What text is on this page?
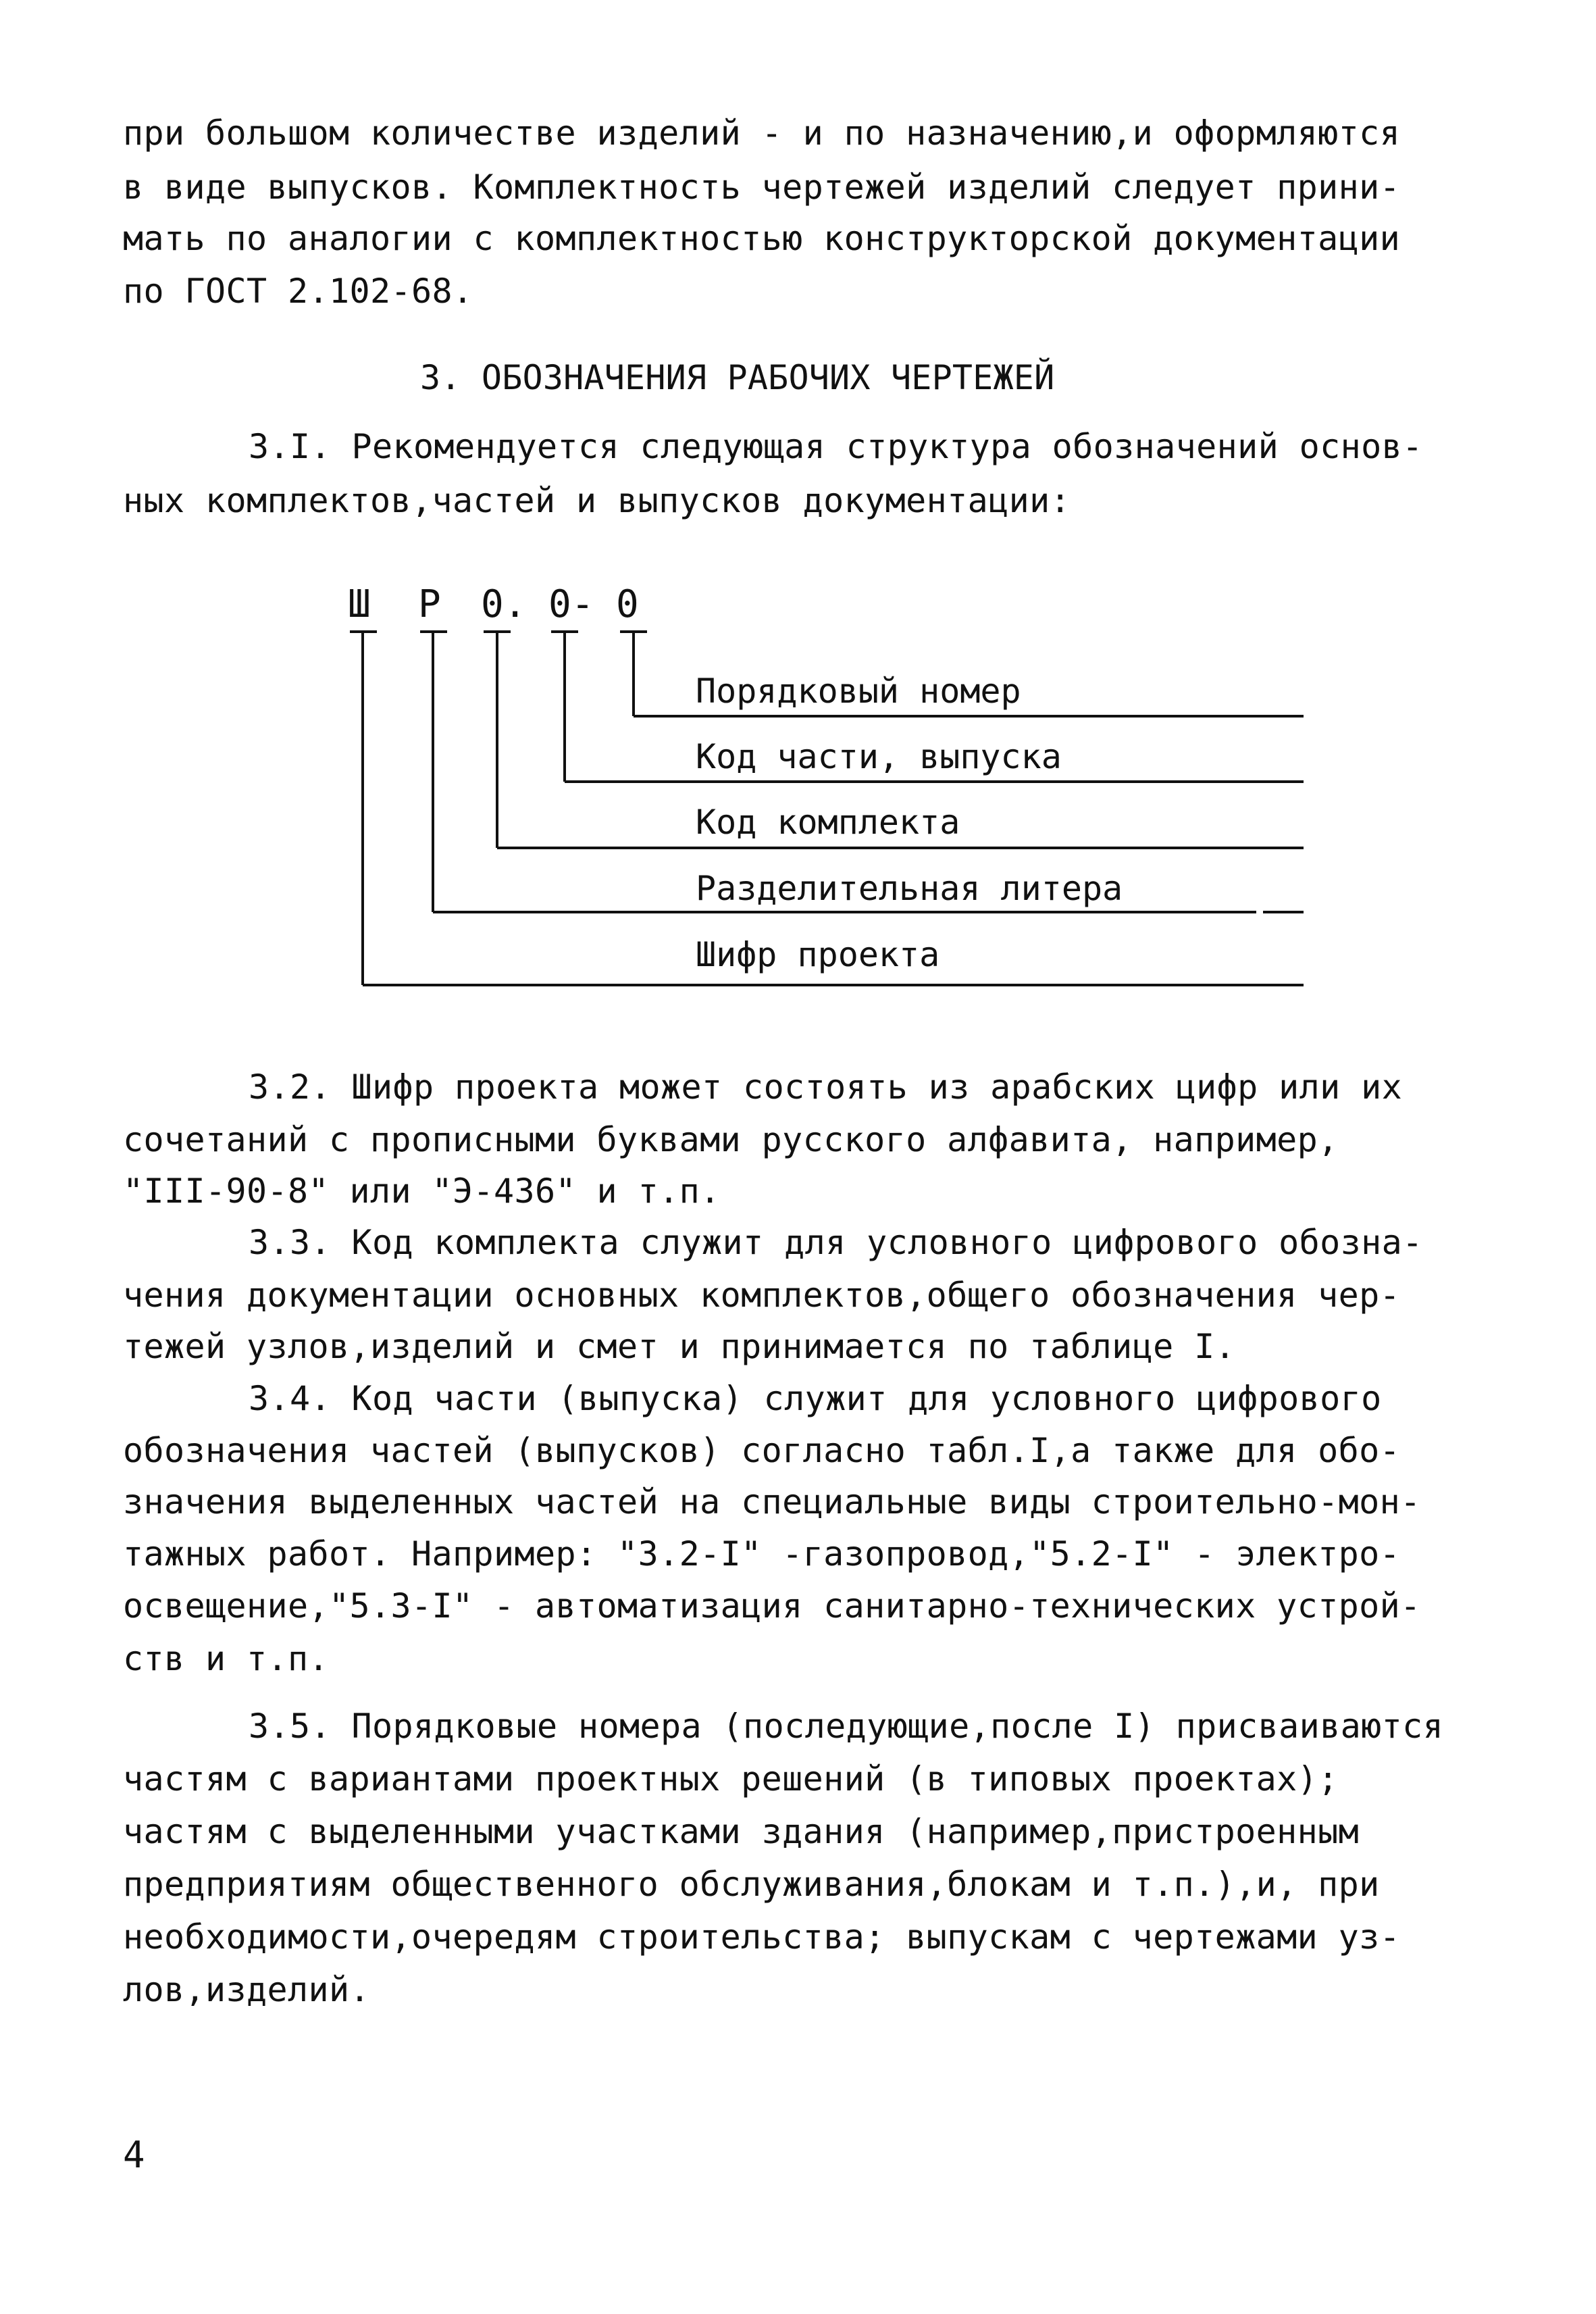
при большом количестве изделий - и по назначению,и оформляются
в виде выпусков. Комплектность чертежей изделий следует прини-
мать по аналогии с комплектностью конструкторской документации
по ГОСТ 2.102-68.
3. ОБОЗНАЧЕНИЯ РАБОЧИХ ЧЕРТЕЖЕЙ
3.I. Рекомендуется следующая структура обозначений основ-
ных комплектов,частей и выпусков документации:
Ш Р 0. 0- 0
Порядковый номер
Код части, выпуска
Код комплекта
Разделительная литера
Шифр проекта
3.2. Шифр проекта может состоять из арабских цифр или их
сочетаний с прописными буквами русского алфавита, например,
"III-90-8" или "Э-436" и т.п.
3.3. Код комплекта служит для условного цифрового обозна-
чения документации основных комплектов,общего обозначения чер-
тежей узлов,изделий и смет и принимается по таблице I.
3.4. Код части (выпуска) служит для условного цифрового
обозначения частей (выпусков) согласно табл.I,а также для обо-
значения выделенных частей на специальные виды строительно-мон-
тажных работ. Например: "3.2-I" -газопровод,"5.2-I" - электро-
освещение,"5.3-I" - автоматизация санитарно-технических устрой-
ств и т.п.
3.5. Порядковые номера (последующие,после I) присваиваются
частям с вариантами проектных решений (в типовых проектах);
частям с выделенными участками здания (например,пристроенным
предприятиям общественного обслуживания,блокам и т.п.),и, при
необходимости,очередям строительства; выпускам с чертежами уз-
лов,изделий.
4
